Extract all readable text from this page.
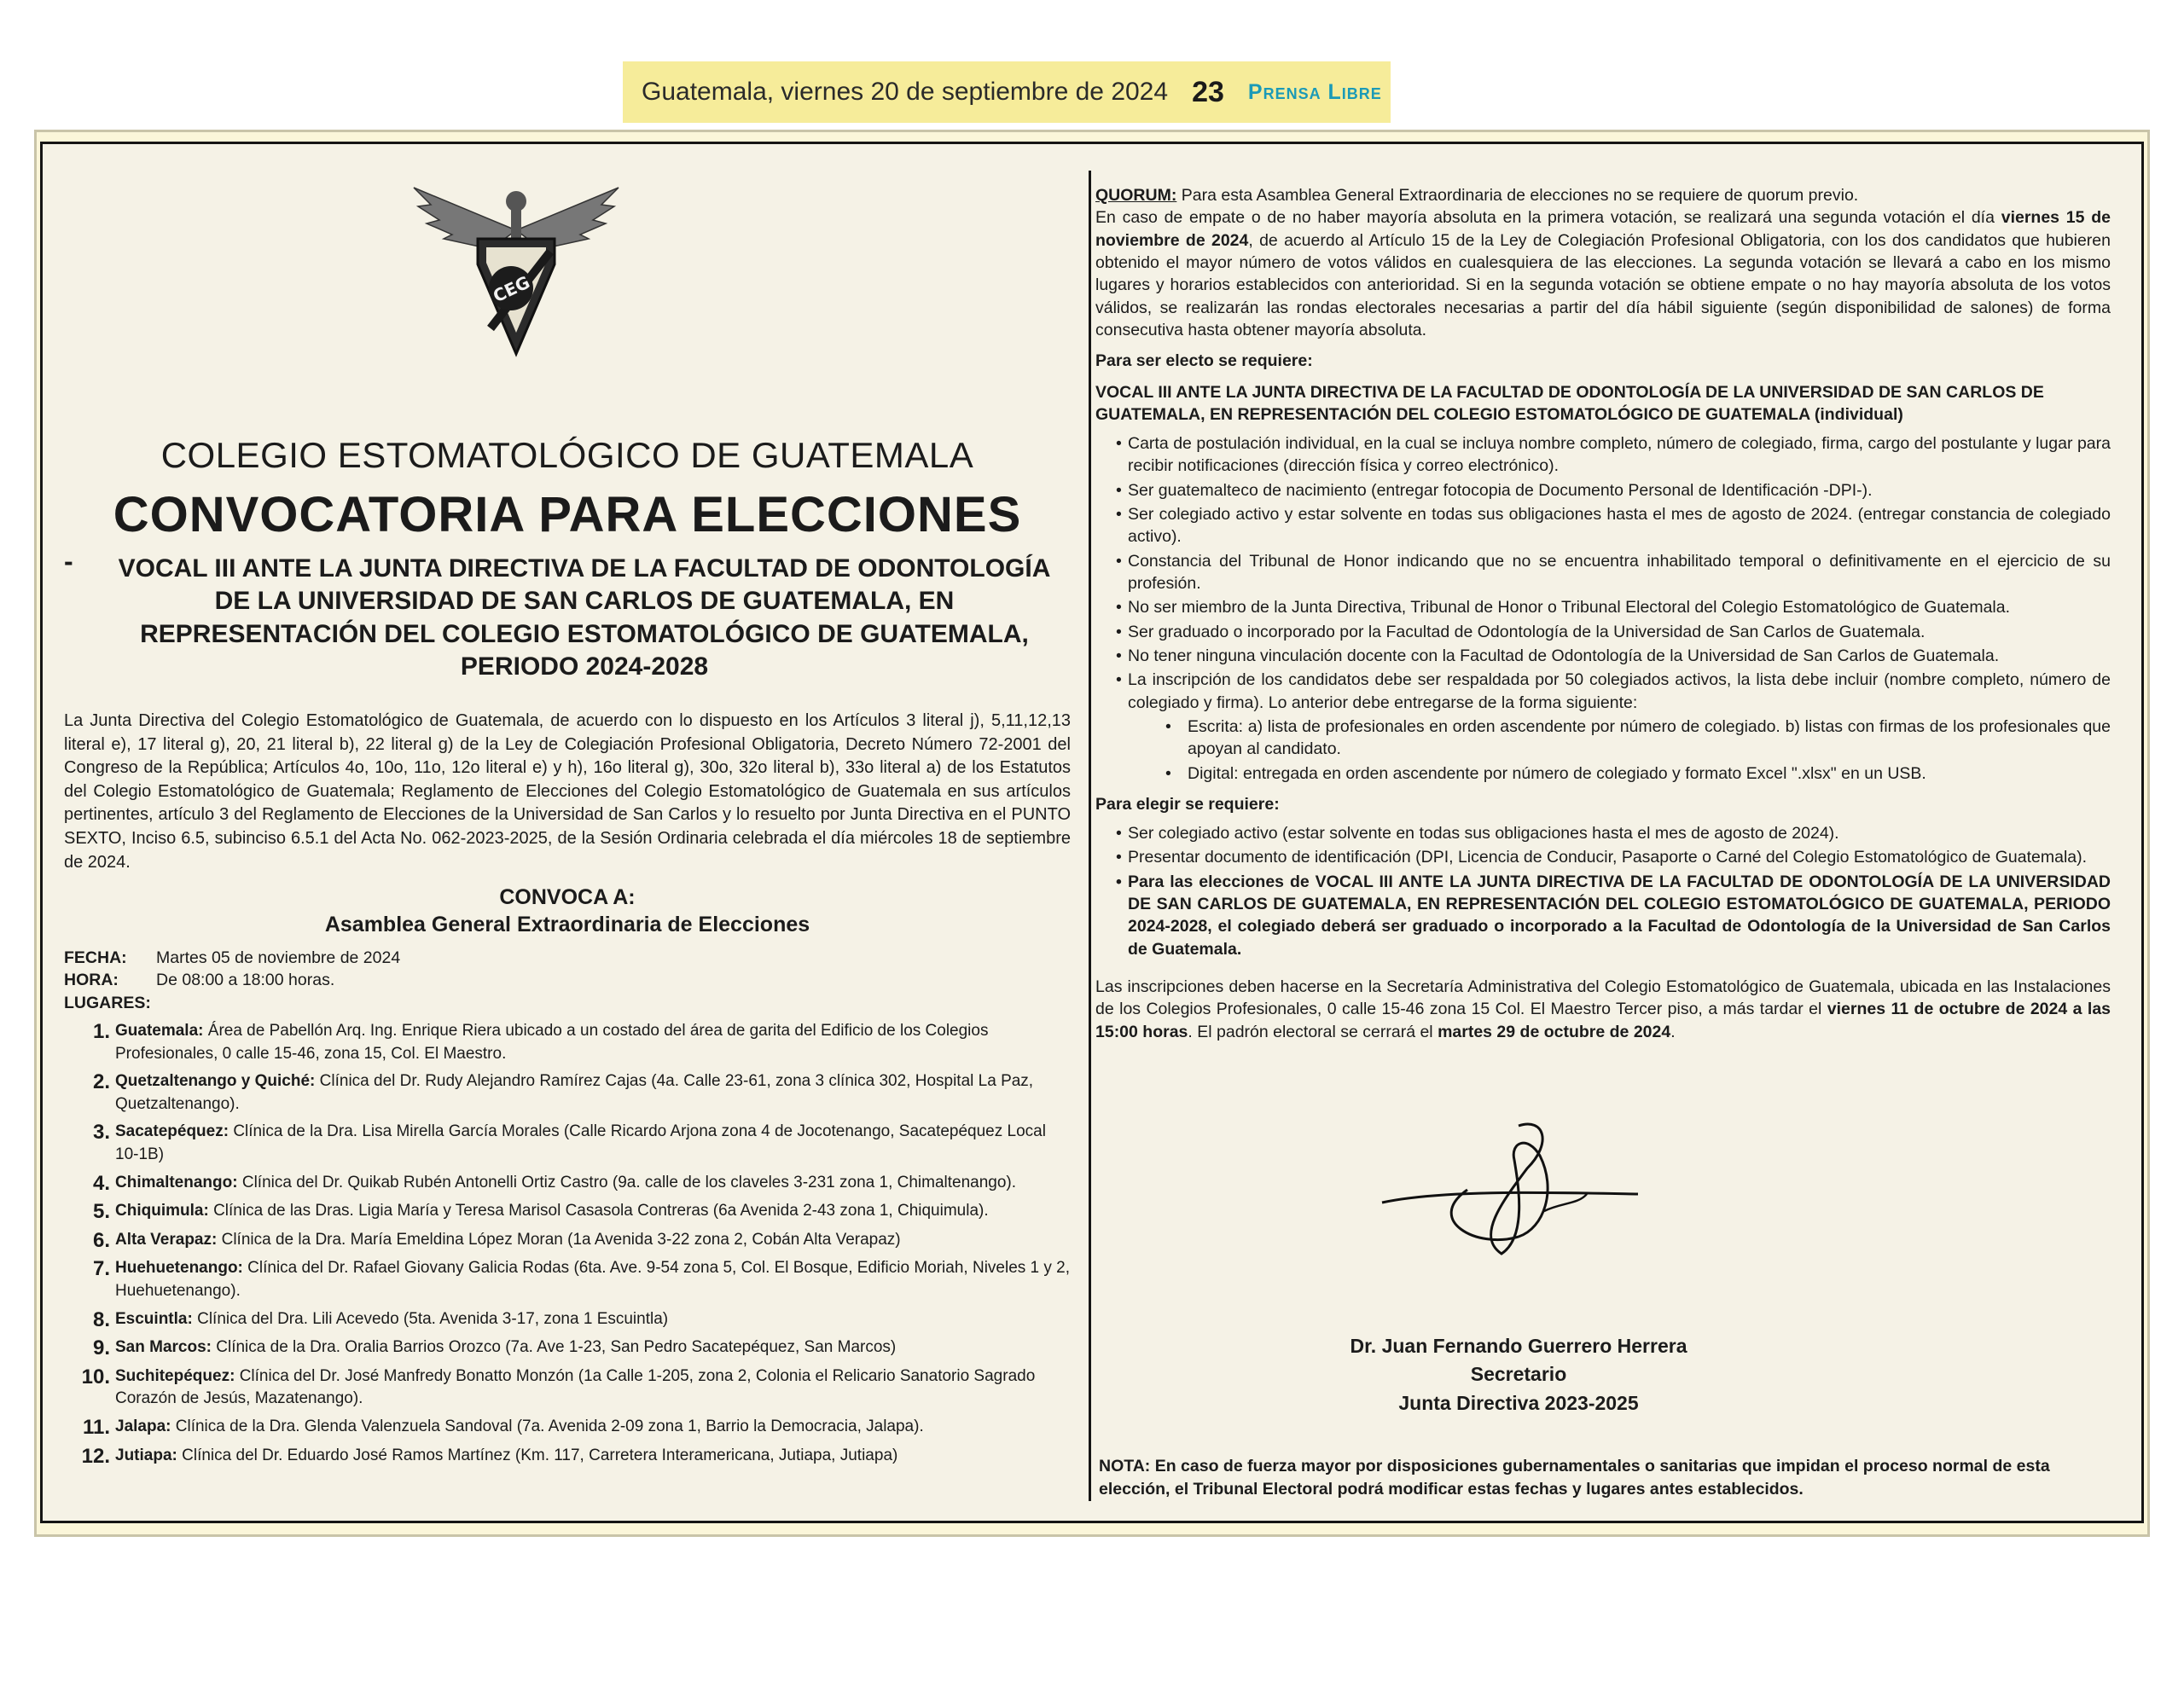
Guatemala, viernes 20 de septiembre de 2024 23 Prensa Libre
CEG
COLEGIO ESTOMATOLÓGICO DE GUATEMALA
CONVOCATORIA PARA ELECCIONES
-	VOCAL III ANTE LA JUNTA DIRECTIVA DE LA FACULTAD DE ODONTOLOGÍA
DE LA UNIVERSIDAD DE SAN CARLOS DE GUATEMALA, EN
REPRESENTACIÓN DEL COLEGIO ESTOMATOLÓGICO DE GUATEMALA,
PERIODO 2024-2028
La Junta Directiva del Colegio Estomatológico de Guatemala, de acuerdo con lo dispuesto en los Artículos 3 literal j), 5,11,12,13 literal e), 17 literal g), 20, 21 literal b), 22 literal g) de la Ley de Colegiación Profesional Obligatoria, Decreto Número 72-2001 del Congreso de la República; Artículos 4o, 10o, 11o, 12o literal e) y h), 16o literal g), 30o, 32o literal b), 33o literal a) de los Estatutos del Colegio Estomatológico de Guatemala; Reglamento de Elecciones del Colegio Estomatológico de Guatemala en sus artículos pertinentes, artículo 3 del Reglamento de Elecciones de la Universidad de San Carlos y lo resuelto por Junta Directiva en el PUNTO SEXTO, Inciso 6.5, subinciso 6.5.1 del Acta No. 062-2023-2025, de la Sesión Ordinaria celebrada el día miércoles 18 de septiembre de 2024.
CONVOCA A:
Asamblea General Extraordinaria de Elecciones
FECHA: Martes 05 de noviembre de 2024
HORA: De 08:00 a 18:00 horas.
LUGARES:
1. Guatemala: Área de Pabellón Arq. Ing. Enrique Riera ubicado a un costado del área de garita del Edificio de los Colegios Profesionales, 0 calle 15-46, zona 15, Col. El Maestro.
2. Quetzaltenango y Quiché: Clínica del Dr. Rudy Alejandro Ramírez Cajas (4a. Calle 23-61, zona 3 clínica 302, Hospital La Paz, Quetzaltenango).
3. Sacatepéquez: Clínica de la Dra. Lisa Mirella García Morales (Calle Ricardo Arjona zona 4 de Jocotenango, Sacatepéquez Local 10-1B)
4. Chimaltenango: Clínica del Dr. Quikab Rubén Antonelli Ortiz Castro (9a. calle de los claveles 3-231 zona 1, Chimaltenango).
5. Chiquimula: Clínica de las Dras. Ligia María y Teresa Marisol Casasola Contreras (6a Avenida 2-43 zona 1, Chiquimula).
6. Alta Verapaz: Clínica de la Dra. María Emeldina López Moran (1a Avenida 3-22 zona 2, Cobán Alta Verapaz)
7. Huehuetenango: Clínica del Dr. Rafael Giovany Galicia Rodas (6ta. Ave. 9-54 zona 5, Col. El Bosque, Edificio Moriah, Niveles 1 y 2, Huehuetenango).
8. Escuintla: Clínica del Dra. Lili Acevedo (5ta. Avenida 3-17, zona 1 Escuintla)
9. San Marcos: Clínica de la Dra. Oralia Barrios Orozco (7a. Ave 1-23, San Pedro Sacatepéquez, San Marcos)
10. Suchitepéquez: Clínica del Dr. José Manfredy Bonatto Monzón (1a Calle 1-205, zona 2, Colonia el Relicario Sanatorio Sagrado Corazón de Jesús, Mazatenango).
11. Jalapa: Clínica de la Dra. Glenda Valenzuela Sandoval (7a. Avenida 2-09 zona 1, Barrio la Democracia, Jalapa).
12. Jutiapa: Clínica del Dr. Eduardo José Ramos Martínez (Km. 117, Carretera Interamericana, Jutiapa, Jutiapa)

QUORUM: Para esta Asamblea General Extraordinaria de elecciones no se requiere de quorum previo.
En caso de empate o de no haber mayoría absoluta en la primera votación, se realizará una segunda votación el día viernes 15 de noviembre de 2024, de acuerdo al Artículo 15 de la Ley de Colegiación Profesional Obligatoria, con los dos candidatos que hubieren obtenido el mayor número de votos válidos en cualesquiera de las elecciones. La segunda votación se llevará a cabo en los mismo lugares y horarios establecidos con anterioridad. Si en la segunda votación se obtiene empate o no hay mayoría absoluta de los votos válidos, se realizarán las rondas electorales necesarias a partir del día hábil siguiente (según disponibilidad de salones) de forma consecutiva hasta obtener mayoría absoluta.

Para ser electo se requiere:
VOCAL III ANTE LA JUNTA DIRECTIVA DE LA FACULTAD DE ODONTOLOGÍA DE LA UNIVERSIDAD DE SAN CARLOS DE GUATEMALA, EN REPRESENTACIÓN DEL COLEGIO ESTOMATOLÓGICO DE GUATEMALA (individual)
• Carta de postulación individual, en la cual se incluya nombre completo, número de colegiado, firma, cargo del postulante y lugar para recibir notificaciones (dirección física y correo electrónico).
• Ser guatemalteco de nacimiento (entregar fotocopia de Documento Personal de Identificación -DPI-).
• Ser colegiado activo y estar solvente en todas sus obligaciones hasta el mes de agosto de 2024. (entregar constancia de colegiado activo).
• Constancia del Tribunal de Honor indicando que no se encuentra inhabilitado temporal o definitivamente en el ejercicio de su profesión.
• No ser miembro de la Junta Directiva, Tribunal de Honor o Tribunal Electoral del Colegio Estomatológico de Guatemala.
• Ser graduado o incorporado por la Facultad de Odontología de la Universidad de San Carlos de Guatemala.
• No tener ninguna vinculación docente con la Facultad de Odontología de la Universidad de San Carlos de Guatemala.
• La inscripción de los candidatos debe ser respaldada por 50 colegiados activos, la lista debe incluir (nombre completo, número de colegiado y firma). Lo anterior debe entregarse de la forma siguiente:
• Escrita: a) lista de profesionales en orden ascendente por número de colegiado. b) listas con firmas de los profesionales que apoyan al candidato.
• Digital: entregada en orden ascendente por número de colegiado y formato Excel ".xlsx" en un USB.
Para elegir se requiere:
• Ser colegiado activo (estar solvente en todas sus obligaciones hasta el mes de agosto de 2024).
• Presentar documento de identificación (DPI, Licencia de Conducir, Pasaporte o Carné del Colegio Estomatológico de Guatemala).
• Para las elecciones de VOCAL III ANTE LA JUNTA DIRECTIVA DE LA FACULTAD DE ODONTOLOGÍA DE LA UNIVERSIDAD DE SAN CARLOS DE GUATEMALA, EN REPRESENTACIÓN DEL COLEGIO ESTOMATOLÓGICO DE GUATEMALA, PERIODO 2024-2028, el colegiado deberá ser graduado o incorporado a la Facultad de Odontología de la Universidad de San Carlos de Guatemala.

Las inscripciones deben hacerse en la Secretaría Administrativa del Colegio Estomatológico de Guatemala, ubicada en las Instalaciones de los Colegios Profesionales, 0 calle 15-46 zona 15 Col. El Maestro Tercer piso, a más tardar el viernes 11 de octubre de 2024 a las 15:00 horas. El padrón electoral se cerrará el martes 29 de octubre de 2024.

Dr. Juan Fernando Guerrero Herrera
Secretario
Junta Directiva 2023-2025
NOTA: En caso de fuerza mayor por disposiciones gubernamentales o sanitarias que impidan el proceso normal de esta elección, el Tribunal Electoral podrá modificar estas fechas y lugares antes establecidos.
